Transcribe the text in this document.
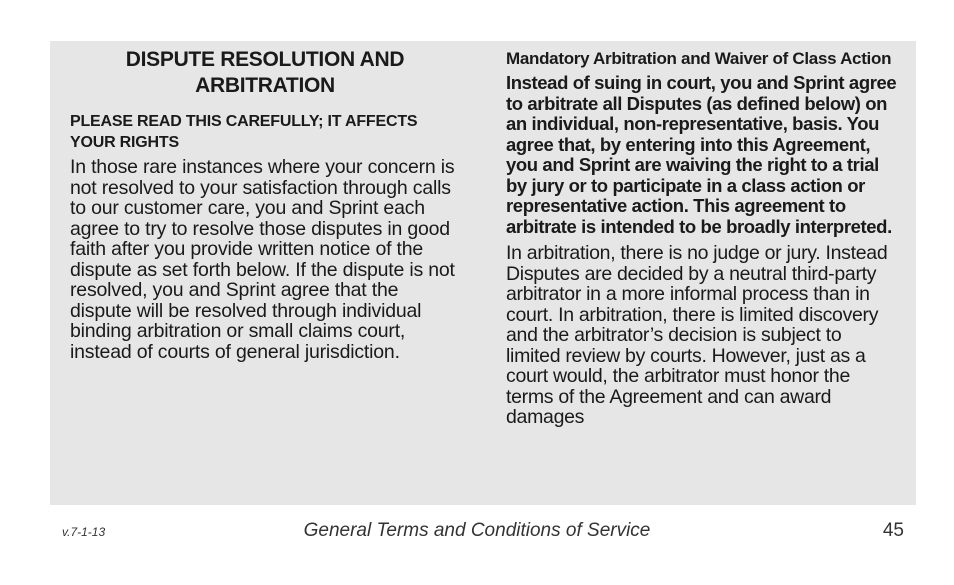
DISPUTE RESOLUTION AND ARBITRATION
PLEASE READ THIS CAREFULLY; IT AFFECTS YOUR RIGHTS

In those rare instances where your concern is not resolved to your satisfaction through calls to our customer care, you and Sprint each agree to try to resolve those disputes in good faith after you provide written notice of the dispute as set forth below. If the dispute is not resolved, you and Sprint agree that the dispute will be resolved through individual binding arbitration or small claims court, instead of courts of general jurisdiction.

Mandatory Arbitration and Waiver of Class Action

Instead of suing in court, you and Sprint agree to arbitrate all Disputes (as defined below) on an individual, non-representative, basis. You agree that, by entering into this Agreement, you and Sprint are waiving the right to a trial by jury or to participate in a class action or representative action. This agreement to arbitrate is intended to be broadly interpreted.

In arbitration, there is no judge or jury. Instead Disputes are decided by a neutral third-party arbitrator in a more informal process than in court. In arbitration, there is limited discovery and the arbitrator’s decision is subject to limited review by courts. However, just as a court would, the arbitrator must honor the terms of the Agreement and can award damages

v.7-1-13	General Terms and Conditions of Service	45
